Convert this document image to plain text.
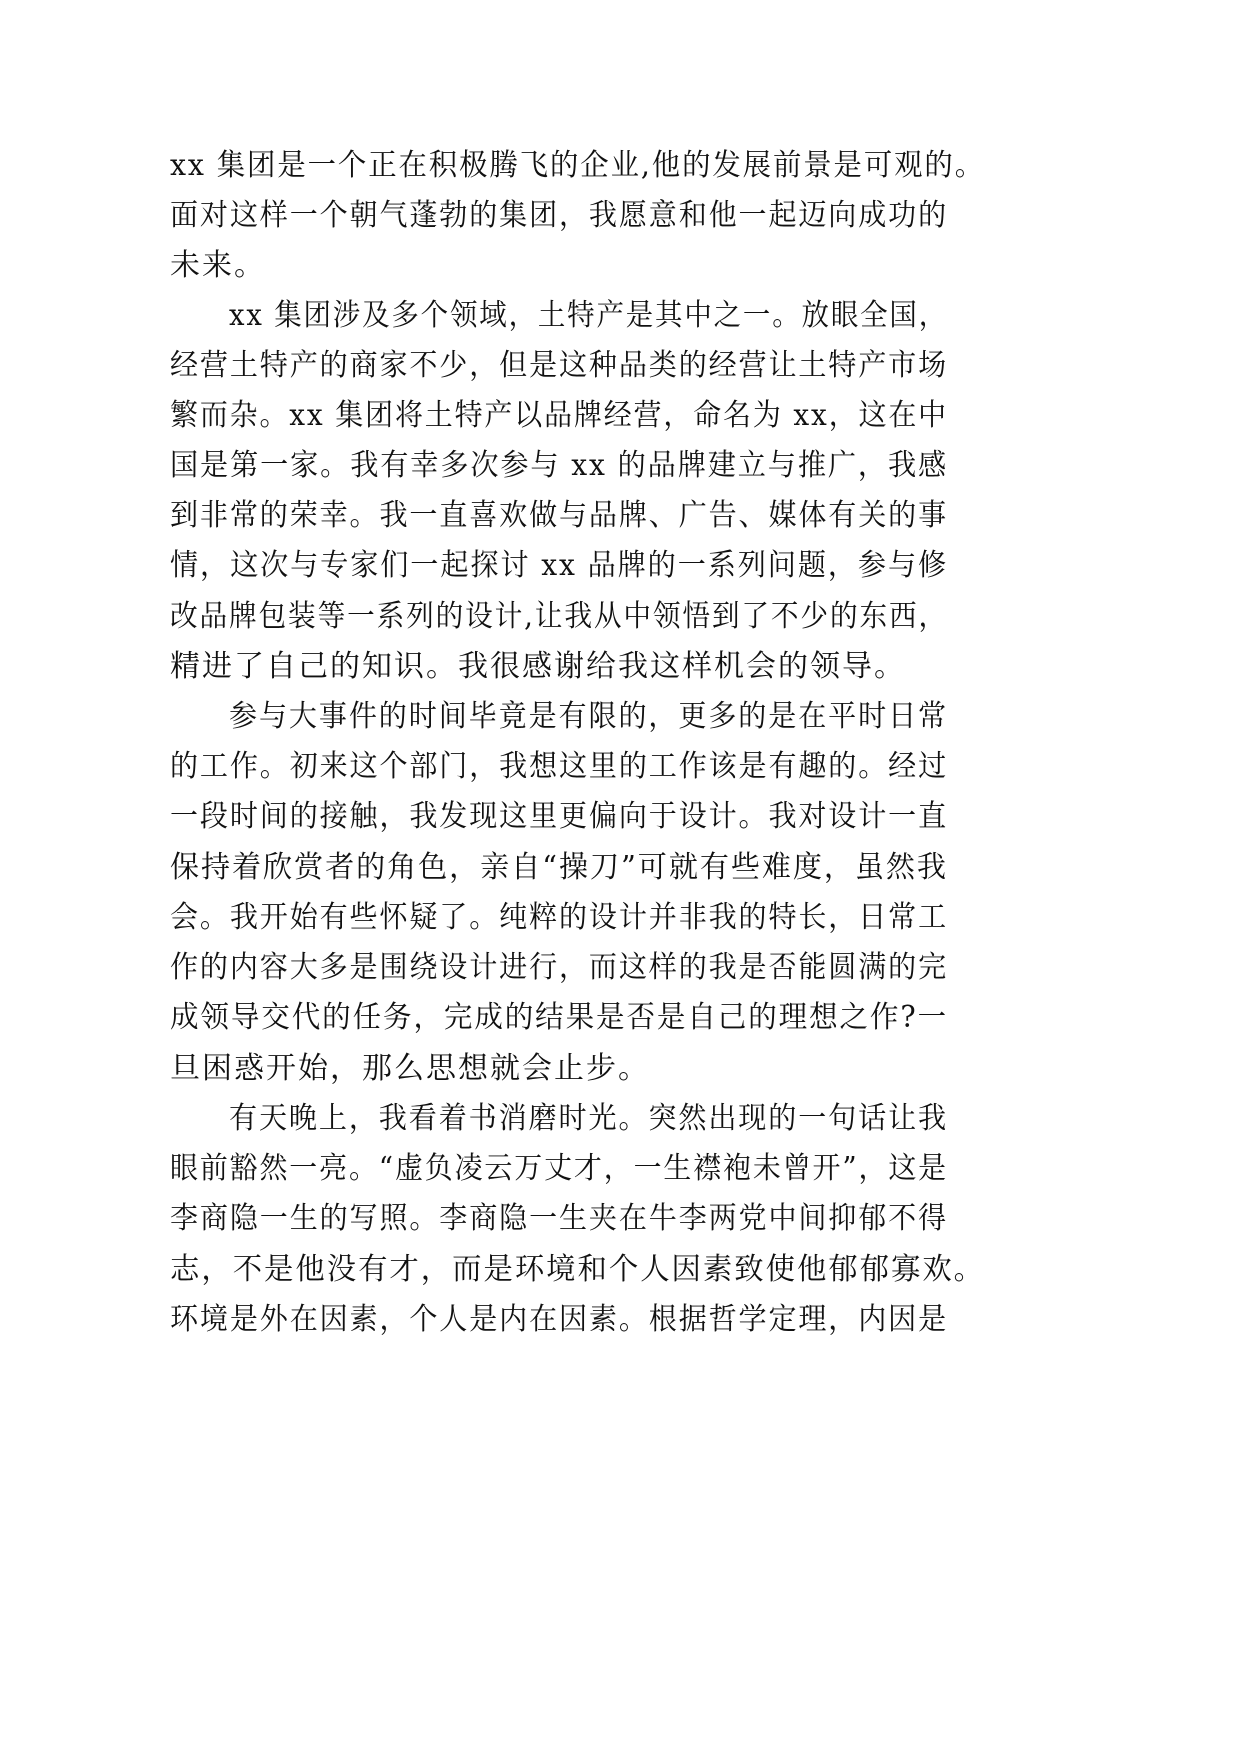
xx 集团是一个正在积极腾飞的企业,他的发展前景是可观的。
面对这样一个朝气蓬勃的集团，我愿意和他一起迈向成功的
未来。
xx 集团涉及多个领域，土特产是其中之一。放眼全国，
经营土特产的商家不少，但是这种品类的经营让土特产市场
繁而杂。xx 集团将土特产以品牌经营，命名为 xx，这在中
国是第一家。我有幸多次参与 xx 的品牌建立与推广，我感
到非常的荣幸。我一直喜欢做与品牌、广告、媒体有关的事
情，这次与专家们一起探讨 xx 品牌的一系列问题，参与修
改品牌包装等一系列的设计,让我从中领悟到了不少的东西，
精进了自己的知识。我很感谢给我这样机会的领导。
参与大事件的时间毕竟是有限的，更多的是在平时日常
的工作。初来这个部门，我想这里的工作该是有趣的。经过
一段时间的接触，我发现这里更偏向于设计。我对设计一直
保持着欣赏者的角色，亲自“操刀”可就有些难度，虽然我
会。我开始有些怀疑了。纯粹的设计并非我的特长，日常工
作的内容大多是围绕设计进行，而这样的我是否能圆满的完
成领导交代的任务，完成的结果是否是自己的理想之作?一
旦困惑开始，那么思想就会止步。
有天晚上，我看着书消磨时光。突然出现的一句话让我
眼前豁然一亮。“虚负凌云万丈才，一生襟袍未曾开”，这是
李商隐一生的写照。李商隐一生夹在牛李两党中间抑郁不得
志，不是他没有才，而是环境和个人因素致使他郁郁寡欢。
环境是外在因素，个人是内在因素。根据哲学定理，内因是
